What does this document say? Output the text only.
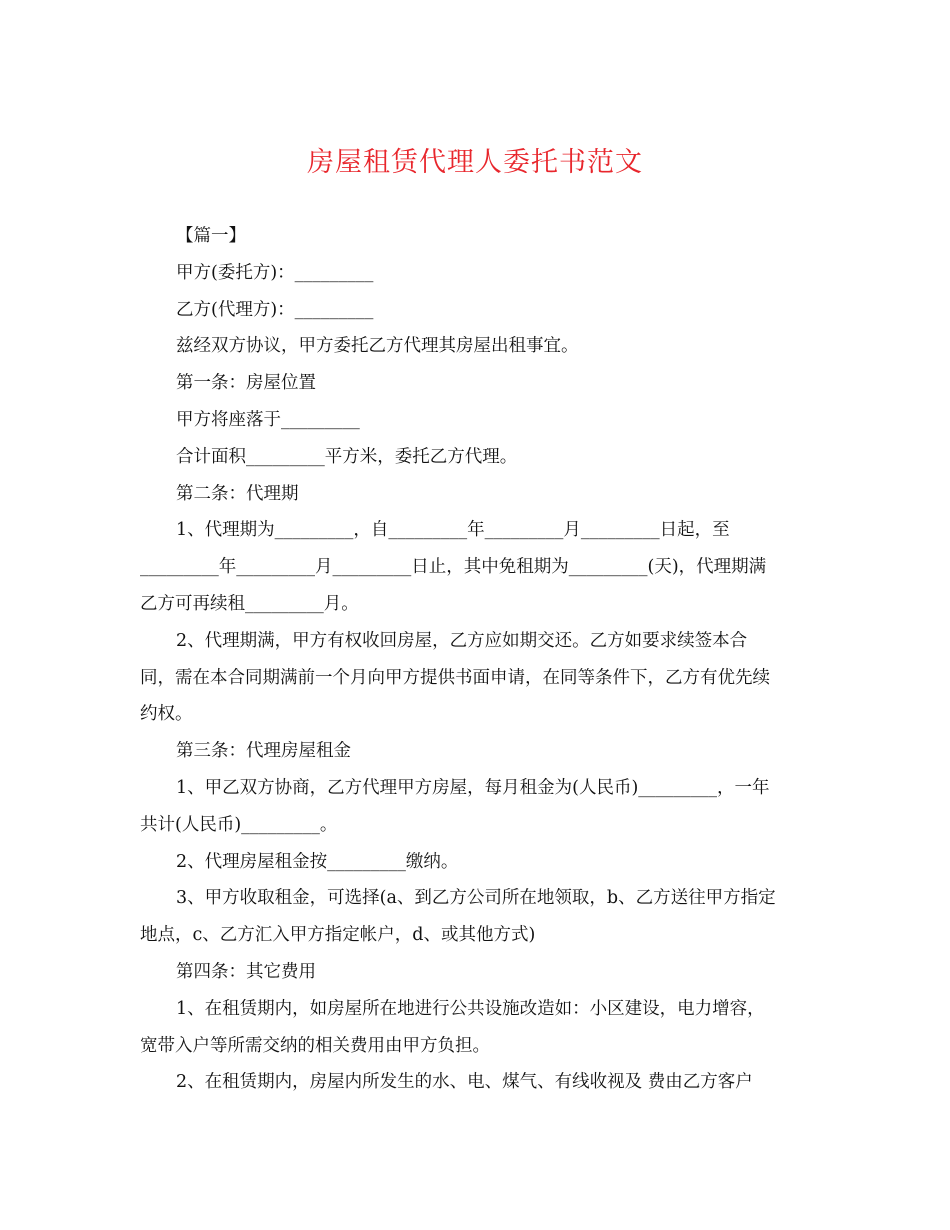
房屋租赁代理人委托书范文
【篇一】
甲方(委托方)：_________
乙方(代理方)：_________
兹经双方协议，甲方委托乙方代理其房屋出租事宜。
第一条：房屋位置
甲方将座落于_________
合计面积_________平方米，委托乙方代理。
第二条：代理期
1、代理期为_________，自_________年_________月_________日起，至
_________年_________月_________日止，其中免租期为_________(天)，代理期满
乙方可再续租_________月。
2、代理期满，甲方有权收回房屋，乙方应如期交还。乙方如要求续签本合
同，需在本合同期满前一个月向甲方提供书面申请，在同等条件下，乙方有优先续
约权。
第三条：代理房屋租金
1、甲乙双方协商，乙方代理甲方房屋，每月租金为(人民币)_________，一年
共计(人民币)_________。
2、代理房屋租金按_________缴纳。
3、甲方收取租金，可选择(a、到乙方公司所在地领取，b、乙方送往甲方指定
地点，c、乙方汇入甲方指定帐户，d、或其他方式)
第四条：其它费用
1、在租赁期内，如房屋所在地进行公共设施改造如：小区建设，电力增容，
宽带入户等所需交纳的相关费用由甲方负担。
2、在租赁期内，房屋内所发生的水、电、煤气、有线收视及 费由乙方客户
